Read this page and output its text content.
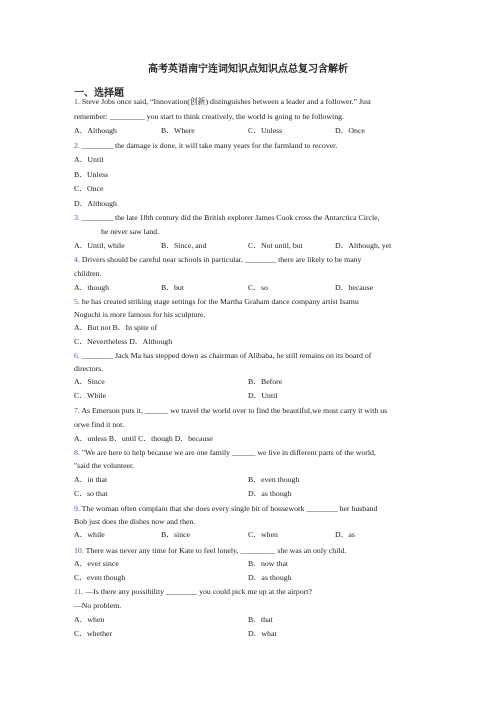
高考英语南宁连词知识点知识点总复习含解析
一、选择题
1. Steve Jobs once said, “Innovation(创新) distinguishes between a leader and a follower.” Just
remember: _________ you start to think creatively, the world is going to be following.
A．Although	B．Where	C．Unless	D．Once
2. ________ the damage is done, it will take many years for the farmland to recover.
A．Until
B．Unless
C．Once
D．Although
3. ________ the late 18th century did the British explorer James Cook cross the Antarctica Circle,
he never saw land.
A．Until, while	B．Since, and	C．Not until, but	D．Although, yet
4. Drivers should be careful near schools in particular, ________ there are likely to be many
children.
A．though	B．but	C．so	D．because
5. he has created striking stage settings for the Martha Graham dance company artist Isamu
Noguchi is more famous for his sculpture.
A．But not B．In spite of
C．Nevertheless D．Although
6. ________ Jack Ma has stepped down as chairman of Alibaba, he still remains on its board of
directors.
A．Since	B．Before
C．While	D．Until
7. As Emerson puts it, ______ we travel the world over to find the beautiful,we must carry it with us
orwe find it not.
A．unless B．until C．though D．because
8. "We are here to help because we are one family ______ we live in different parts of the world,
"said the volunteer.
A．in that	B．even though
C．so that	D．as though
9. The woman often complain that she does every single bit of housework ________ her husband
Bob just does the dishes now and then.
A．while	B．since	C．when	D．as
10. There was never any time for Kate to feel lonely, _________ she was an only child.
A．ever since	B．now that
C．even though	D．as though
11. —Is there any possibility ________ you could pick me up at the airport?
—No problem.
A．when	B．that
C．whether	D．what
